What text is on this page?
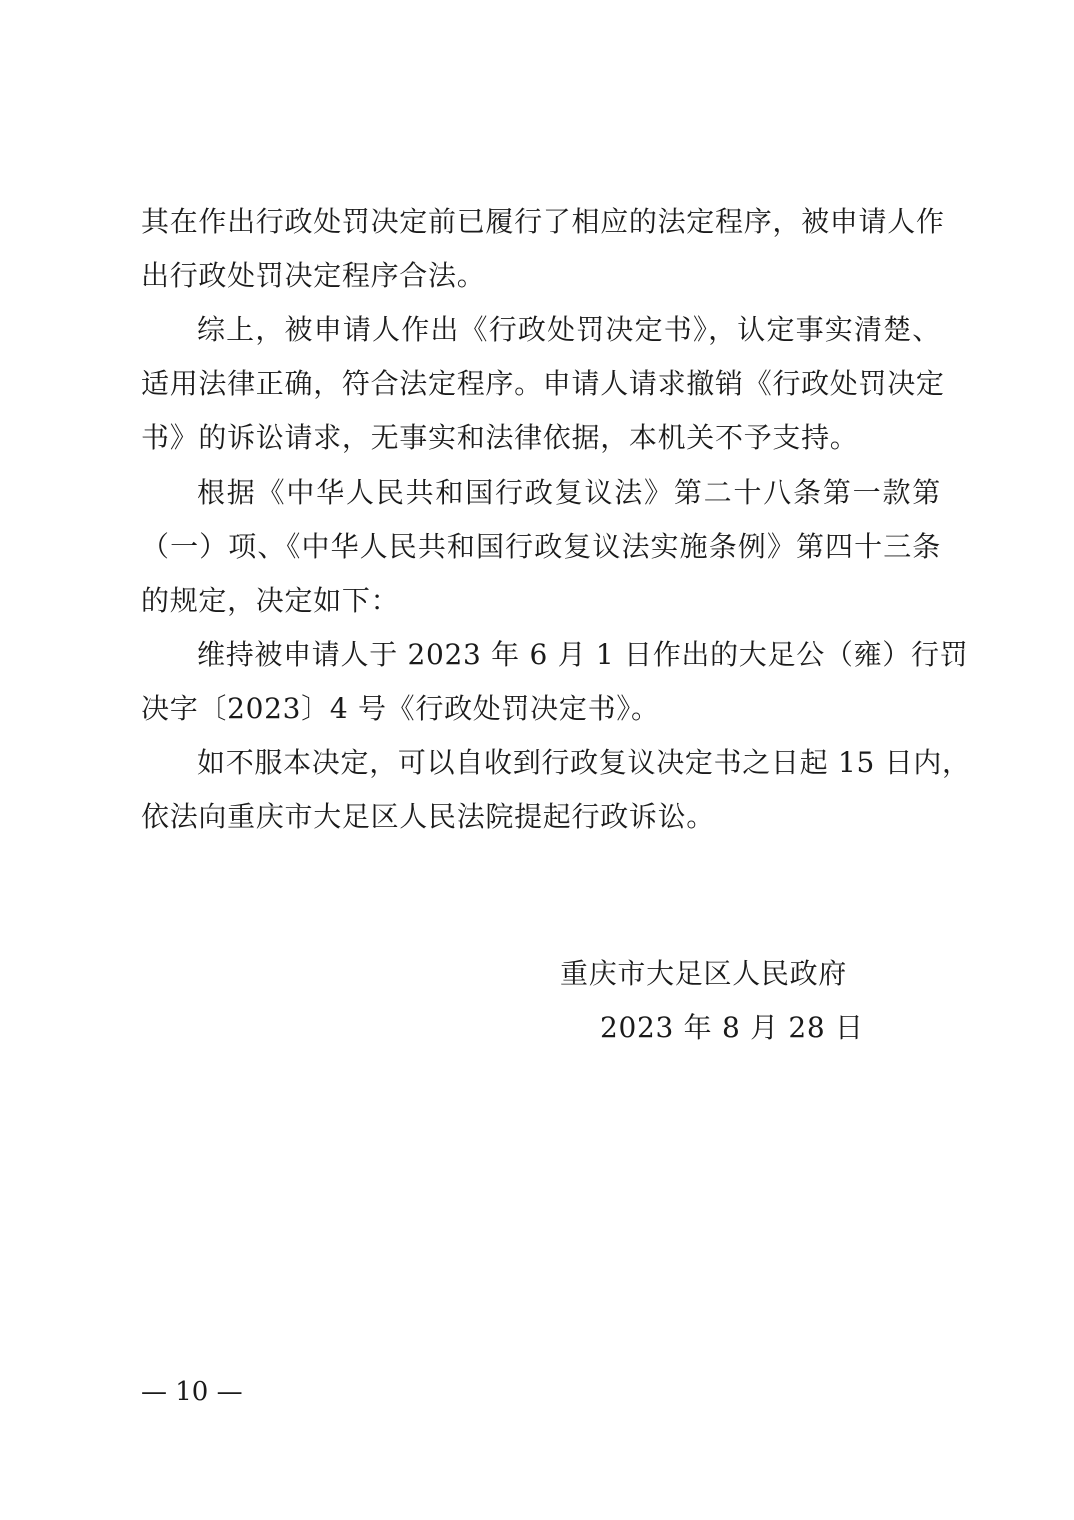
其在作出行政处罚决定前已履行了相应的法定程序，被申请人作
出行政处罚决定程序合法。
综上，被申请人作出《行政处罚决定书》，认定事实清楚、
适用法律正确，符合法定程序。申请人请求撤销《行政处罚决定
书》的诉讼请求，无事实和法律依据，本机关不予支持。
根据《中华人民共和国行政复议法》第二十八条第一款第
（一）项、《中华人民共和国行政复议法实施条例》第四十三条
的规定，决定如下：
维持被申请人于 2023 年 6 月 1 日作出的大足公（雍）行罚
决字〔2023〕4 号《行政处罚决定书》。
如不服本决定，可以自收到行政复议决定书之日起 15 日内，
依法向重庆市大足区人民法院提起行政诉讼。
重庆市大足区人民政府
2023 年 8 月 28 日
— 10 —
